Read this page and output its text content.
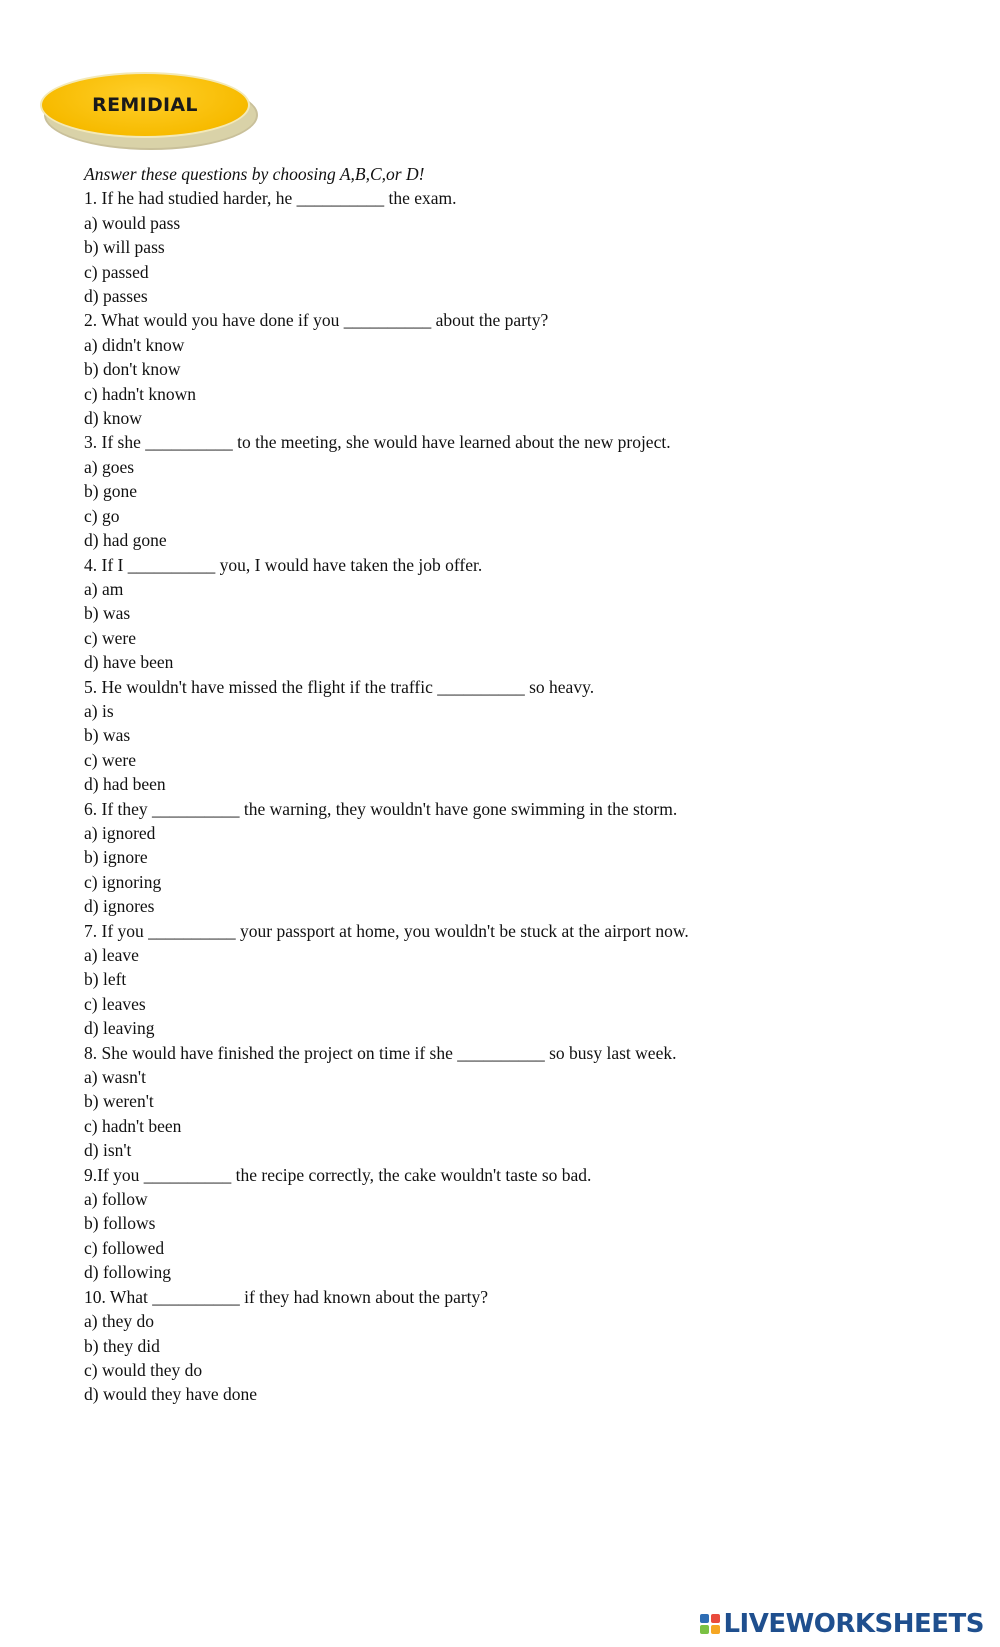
REMIDIAL
Answer these questions by choosing A,B,C,or D!
1. If he had studied harder, he __________ the exam.
a) would pass
b) will pass
c) passed
d) passes
2. What would you have done if you __________ about the party?
a) didn't know
b) don't know
c) hadn't known
d) know
3. If she __________ to the meeting, she would have learned about the new project.
a) goes
b) gone
c) go
d) had gone
4. If I __________ you, I would have taken the job offer.
a) am
b) was
c) were
d) have been
5. He wouldn't have missed the flight if the traffic __________ so heavy.
a) is
b) was
c) were
d) had been
6. If they __________ the warning, they wouldn't have gone swimming in the storm.
a) ignored
b) ignore
c) ignoring
d) ignores
7. If you __________ your passport at home, you wouldn't be stuck at the airport now.
a) leave
b) left
c) leaves
d) leaving
8. She would have finished the project on time if she __________ so busy last week.
a) wasn't
b) weren't
c) hadn't been
d) isn't
9.If you __________ the recipe correctly, the cake wouldn't taste so bad.
a) follow
b) follows
c) followed
d) following
10. What __________ if they had known about the party?
a) they do
b) they did
c) would they do
d) would they have done
LIVEWORKSHEETS
